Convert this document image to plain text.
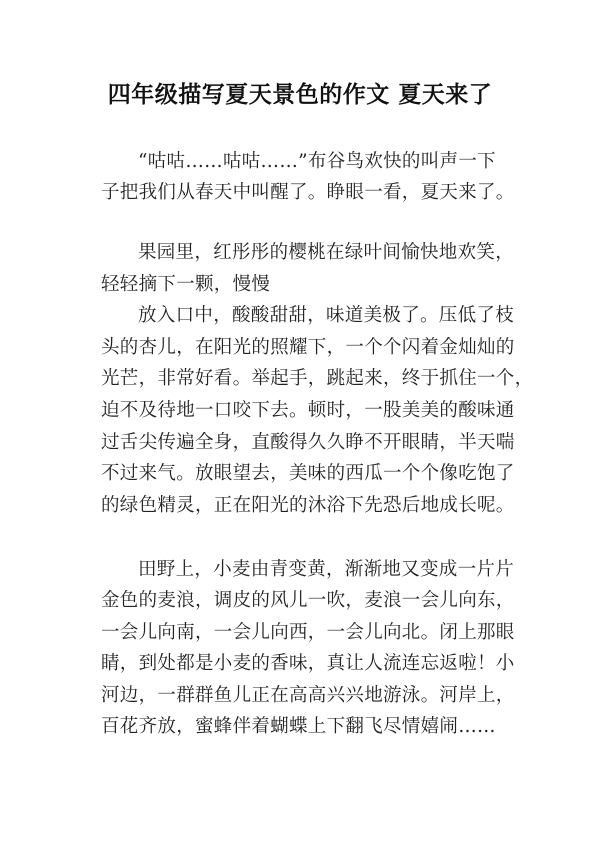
四年级描写夏天景色的作文 夏天来了
“咕咕……咕咕……”布谷鸟欢快的叫声一下
子把我们从春天中叫醒了。睁眼一看，夏天来了。
果园里，红彤彤的樱桃在绿叶间愉快地欢笑，
轻轻摘下一颗，慢慢
放入口中，酸酸甜甜，味道美极了。压低了枝
头的杏儿，在阳光的照耀下，一个个闪着金灿灿的
光芒，非常好看。举起手，跳起来，终于抓住一个，
迫不及待地一口咬下去。顿时，一股美美的酸味通
过舌尖传遍全身，直酸得久久睁不开眼睛，半天喘
不过来气。放眼望去，美味的西瓜一个个像吃饱了
的绿色精灵，正在阳光的沐浴下先恐后地成长呢。
田野上，小麦由青变黄，渐渐地又变成一片片
金色的麦浪，调皮的风儿一吹，麦浪一会儿向东，
一会儿向南，一会儿向西，一会儿向北。闭上那眼
睛，到处都是小麦的香味，真让人流连忘返啦！小
河边，一群群鱼儿正在高高兴兴地游泳。河岸上，
百花齐放，蜜蜂伴着蝴蝶上下翻飞尽情嬉闹……
